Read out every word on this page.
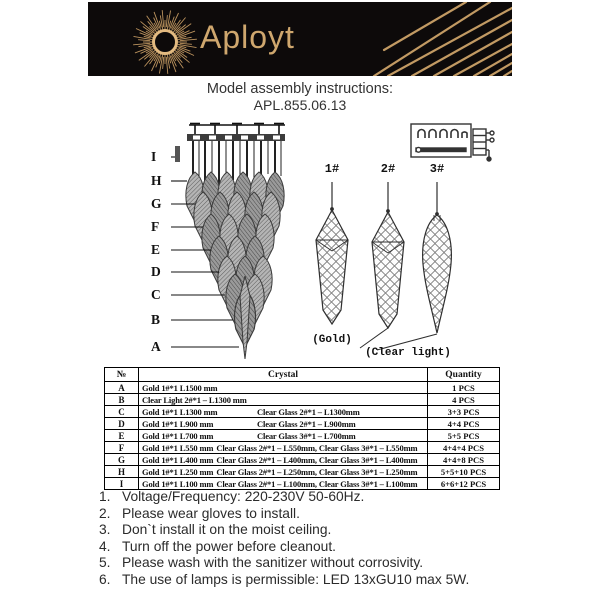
Aployt
Model assembly instructions:
APL.855.06.13
I
H
G
F
E
D
C
B
A
1#	2#	3#
(Gold)
(Clear light)
№	Crystal	Quantity
A	Gold 1#*1 L1500 mm	1 PCS
B	Clear Light 2#*1 – L1300 mm	4 PCS
C	Gold 1#*1 L1300 mm Clear Glass 2#*1 – L1300mm	3+3 PCS
D	Gold 1#*1 L900 mm Clear Glass 2#*1 – L900mm	4+4 PCS
E	Gold 1#*1 L700 mm Clear Glass 3#*1 – L700mm	5+5 PCS
F	Gold 1#*1 L550 mm Clear Glass 2#*1 – L550mm, Clear Glass 3#*1 – L550mm	4+4+4 PCS
G	Gold 1#*1 L400 mm Clear Glass 2#*1 – L400mm, Clear Glass 3#*1 – L400mm	4+4+8 PCS
H	Gold 1#*1 L250 mm Clear Glass 2#*1 – L250mm, Clear Glass 3#*1 – L250mm	5+5+10 PCS
I	Gold 1#*1 L100 mm Clear Glass 2#*1 – L100mm, Clear Glass 3#*1 – L100mm	6+6+12 PCS
1. Voltage/Frequency: 220-230V 50-60Hz.
2. Please wear gloves to install.
3. Don`t install it on the moist ceiling.
4. Turn off the power before cleanout.
5. Please wash with the sanitizer without corrosivity.
6. The use of lamps is permissible: LED 13xGU10 max 5W.
